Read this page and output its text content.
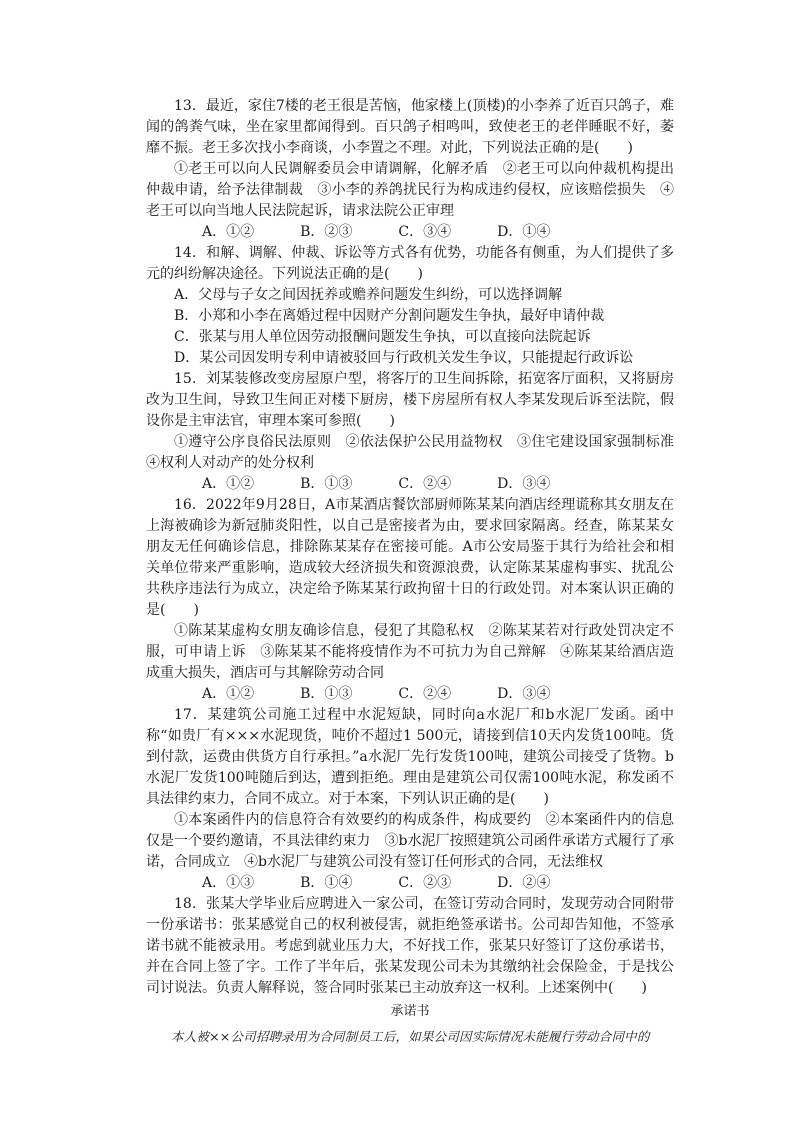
13．最近，家住7楼的老王很是苦恼，他家楼上(顶楼)的小李养了近百只鸽子，难闻的鸽粪气味，坐在家里都闻得到。百只鸽子相鸣叫，致使老王的老伴睡眠不好，萎靡不振。老王多次找小李商谈，小李置之不理。对此，下列说法正确的是(　　)

①老王可以向人民调解委员会申请调解，化解矛盾　②老王可以向仲裁机构提出仲裁申请，给予法律制裁　③小李的养鸽扰民行为构成违约侵权，应该赔偿损失　④老王可以向当地人民法院起诉，请求法院公正审理

A．①②	B．②③	C．③④	D．①④

14．和解、调解、仲裁、诉讼等方式各有优势，功能各有侧重，为人们提供了多元的纠纷解决途径。下列说法正确的是(　　)

A．父母与子女之间因抚养或赡养问题发生纠纷，可以选择调解

B．小郑和小李在离婚过程中因财产分割问题发生争执，最好申请仲裁

C．张某与用人单位因劳动报酬问题发生争执，可以直接向法院起诉

D．某公司因发明专利申请被驳回与行政机关发生争议，只能提起行政诉讼

15．刘某装修改变房屋原户型，将客厅的卫生间拆除，拓宽客厅面积，又将厨房改为卫生间，导致卫生间正对楼下厨房，楼下房屋所有权人李某发现后诉至法院，假设你是主审法官，审理本案可参照(　　)

①遵守公序良俗民法原则　②依法保护公民用益物权　③住宅建设国家强制标准　④权利人对动产的处分权利

A．①②	B．①③	C．②④	D．③④

16．2022年9月28日，A市某酒店餐饮部厨师陈某某向酒店经理谎称其女朋友在上海被确诊为新冠肺炎阳性，以自己是密接者为由，要求回家隔离。经查，陈某某女朋友无任何确诊信息，排除陈某某存在密接可能。A市公安局鉴于其行为给社会和相关单位带来严重影响，造成较大经济损失和资源浪费，认定陈某某虚构事实、扰乱公共秩序违法行为成立，决定给予陈某某行政拘留十日的行政处罚。对本案认识正确的是(　　)

①陈某某虚构女朋友确诊信息，侵犯了其隐私权　②陈某某若对行政处罚决定不服，可申请上诉　③陈某某不能将疫情作为不可抗力为自己辩解　④陈某某给酒店造成重大损失，酒店可与其解除劳动合同

A．①②	B．①③	C．②④	D．③④

17．某建筑公司施工过程中水泥短缺，同时向a水泥厂和b水泥厂发函。函中称“如贵厂有×××水泥现货，吨价不超过1 500元，请接到信10天内发货100吨。货到付款，运费由供货方自行承担。”a水泥厂先行发货100吨，建筑公司接受了货物。b水泥厂发货100吨随后到达，遭到拒绝。理由是建筑公司仅需100吨水泥，称发函不具法律约束力，合同不成立。对于本案，下列认识正确的是(　　)

①本案函件内的信息符合有效要约的构成条件，构成要约　②本案函件内的信息仅是一个要约邀请，不具法律约束力　③b水泥厂按照建筑公司函件承诺方式履行了承诺，合同成立　④b水泥厂与建筑公司没有签订任何形式的合同，无法维权

A．①③	B．①④	C．②③	D．②④

18．张某大学毕业后应聘进入一家公司，在签订劳动合同时，发现劳动合同附带一份承诺书：张某感觉自己的权利被侵害，就拒绝签承诺书。公司却告知他，不签承诺书就不能被录用。考虑到就业压力大，不好找工作，张某只好签订了这份承诺书，并在合同上签了字。工作了半年后，张某发现公司未为其缴纳社会保险金，于是找公司讨说法。负责人解释说，签合同时张某已主动放弃这一权利。上述案例中(　　)

承诺书

本人被××公司招聘录用为合同制员工后，如果公司因实际情况未能履行劳动合同中的
